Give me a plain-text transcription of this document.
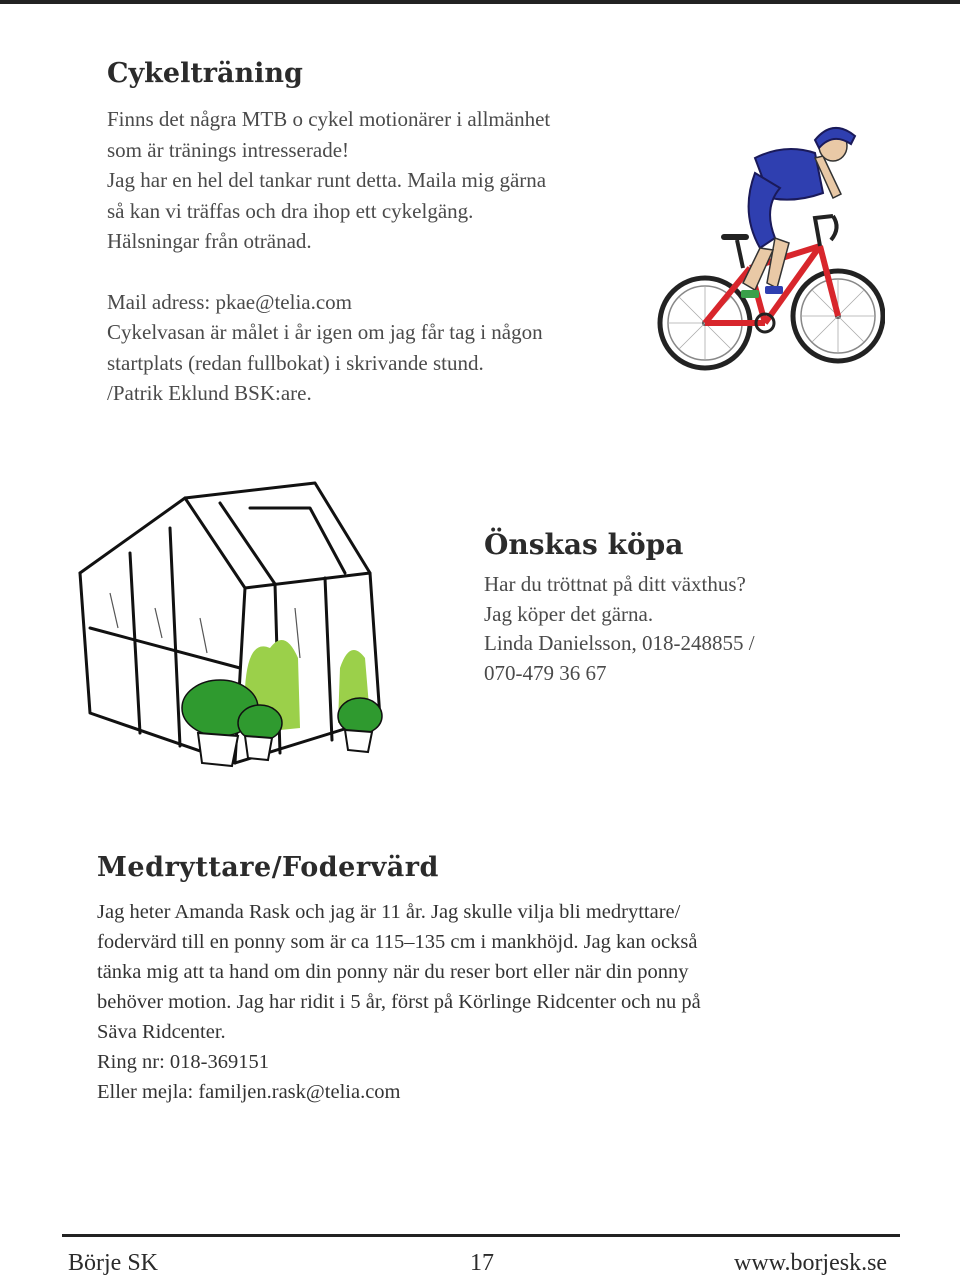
Cykelträning
Finns det några MTB o cykel motionärer i allmänhet
som är tränings intresserade!
Jag har en hel del tankar runt detta. Maila mig gärna
så kan vi träffas och dra ihop ett cykelgäng.
Hälsningar från otränad.
Mail adress: pkae@telia.com
Cykelvasan är målet i år igen om jag får tag i någon
startplats (redan fullbokat) i skrivande stund.
/Patrik Eklund BSK:are.
Önskas köpa
Har du tröttnat på ditt växthus?
Jag köper det gärna.
Linda Danielsson, 018-248855 /
070-479 36 67
Medryttare/Fodervärd
Jag heter Amanda Rask och jag är 11 år. Jag skulle vilja bli medryttare/
fodervärd till en ponny som är ca 115–135 cm i mankhöjd. Jag kan också
tänka mig att ta hand om din ponny när du reser bort eller när din ponny
behöver motion. Jag har ridit i 5 år, först på Körlinge Ridcenter och nu på
Säva Ridcenter.
Ring nr: 018-369151
Eller mejla: familjen.rask@telia.com

Börje SK	17	www.borjesk.se
